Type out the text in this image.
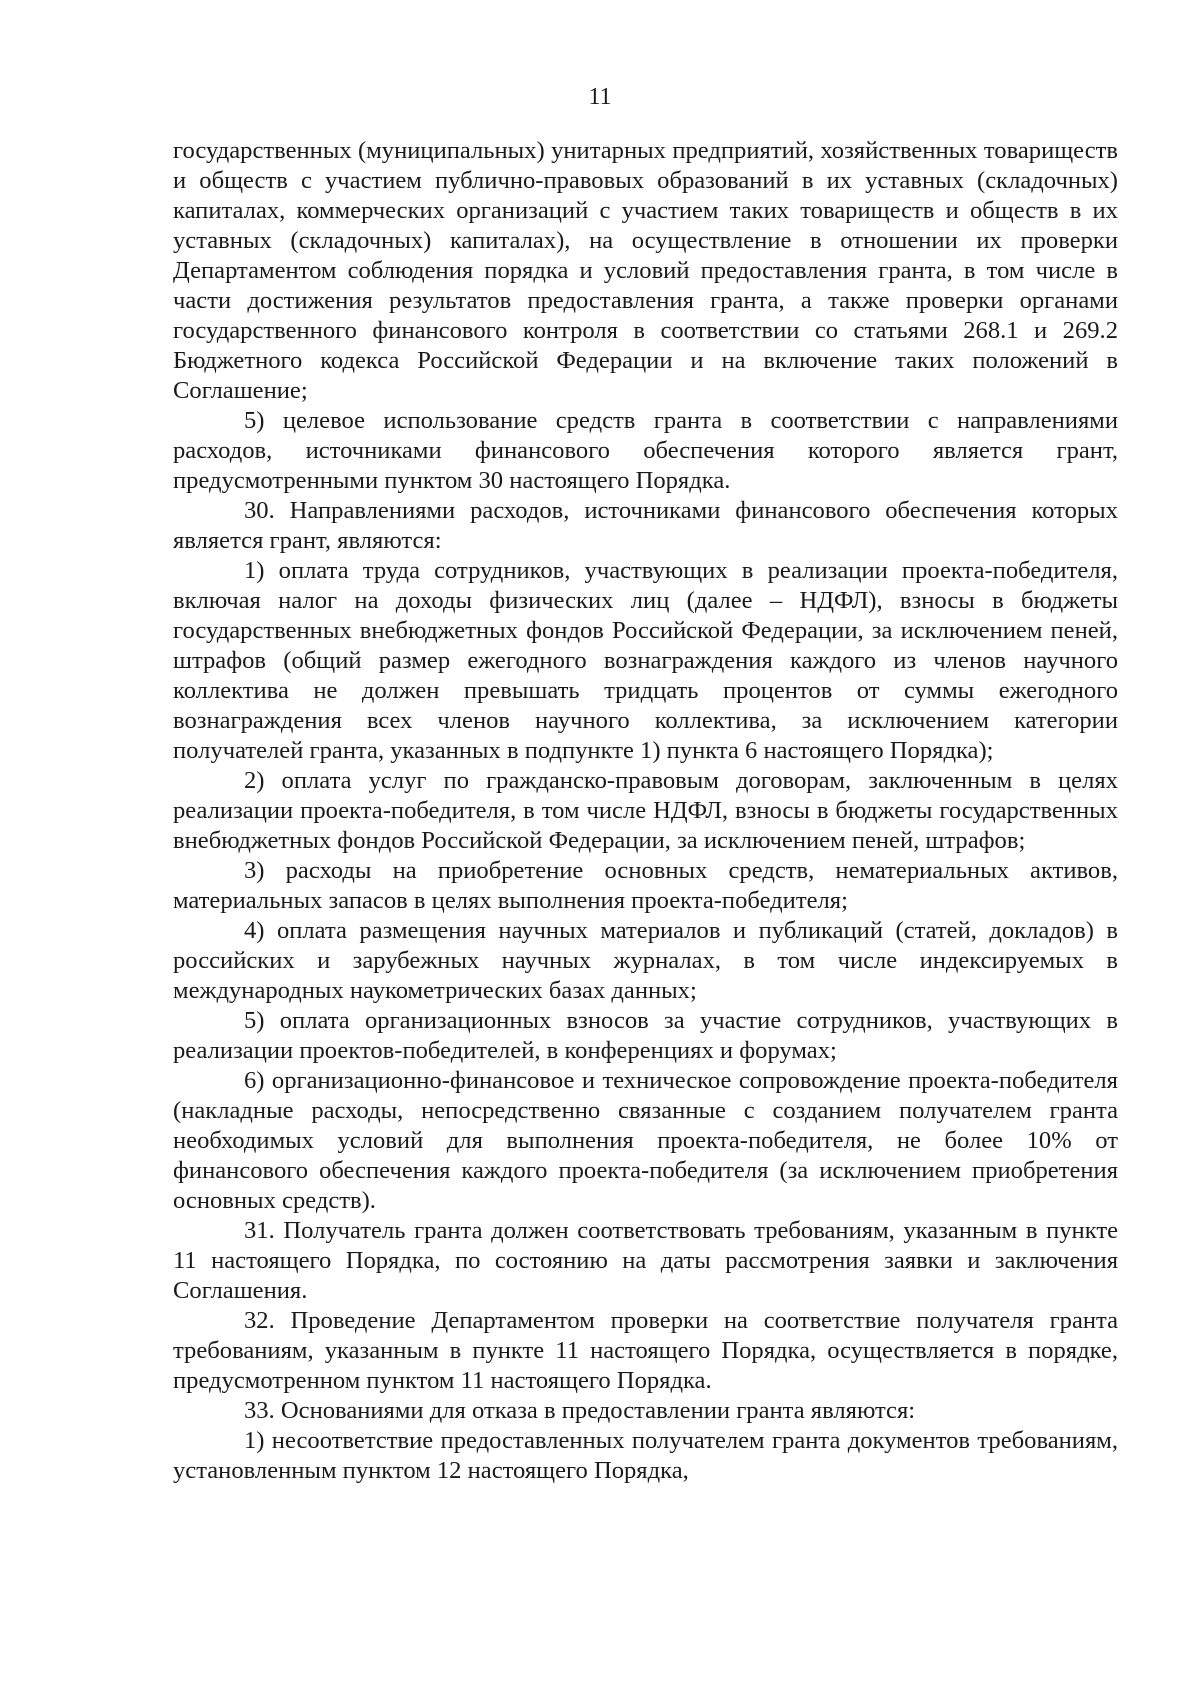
11

государственных (муниципальных) унитарных предприятий, хозяйственных товариществ и обществ с участием публично-правовых образований в их уставных (складочных) капиталах, коммерческих организаций с участием таких товариществ и обществ в их уставных (складочных) капиталах), на осуществление в отношении их проверки Департаментом соблюдения порядка и условий предоставления гранта, в том числе в части достижения результатов предоставления гранта, а также проверки органами государственного финансового контроля в соответствии со статьями 268.1 и 269.2 Бюджетного кодекса Российской Федерации и на включение таких положений в Соглашение;

5) целевое использование средств гранта в соответствии с направлениями расходов, источниками финансового обеспечения которого является грант, предусмотренными пунктом 30 настоящего Порядка.

30. Направлениями расходов, источниками финансового обеспечения которых является грант, являются:

1) оплата труда сотрудников, участвующих в реализации проекта-победителя, включая налог на доходы физических лиц (далее – НДФЛ), взносы в бюджеты государственных внебюджетных фондов Российской Федерации, за исключением пеней, штрафов (общий размер ежегодного вознаграждения каждого из членов научного коллектива не должен превышать тридцать процентов от суммы ежегодного вознаграждения всех членов научного коллектива, за исключением категории получателей гранта, указанных в подпункте 1) пункта 6 настоящего Порядка);

2) оплата услуг по гражданско-правовым договорам, заключенным в целях реализации проекта-победителя, в том числе НДФЛ, взносы в бюджеты государственных внебюджетных фондов Российской Федерации, за исключением пеней, штрафов;

3) расходы на приобретение основных средств, нематериальных активов, материальных запасов в целях выполнения проекта-победителя;

4) оплата размещения научных материалов и публикаций (статей, докладов) в российских и зарубежных научных журналах, в том числе индексируемых в международных наукометрических базах данных;

5) оплата организационных взносов за участие сотрудников, участвующих в реализации проектов-победителей, в конференциях и форумах;

6) организационно-финансовое и техническое сопровождение проекта-победителя (накладные расходы, непосредственно связанные с созданием получателем гранта необходимых условий для выполнения проекта-победителя, не более 10% от финансового обеспечения каждого проекта-победителя (за исключением приобретения основных средств).

31. Получатель гранта должен соответствовать требованиям, указанным в пункте 11 настоящего Порядка, по состоянию на даты рассмотрения заявки и заключения Соглашения.

32. Проведение Департаментом проверки на соответствие получателя гранта требованиям, указанным в пункте 11 настоящего Порядка, осуществляется в порядке, предусмотренном пунктом 11 настоящего Порядка.

33. Основаниями для отказа в предоставлении гранта являются:

1) несоответствие предоставленных получателем гранта документов требованиям, установленным пунктом 12 настоящего Порядка,
